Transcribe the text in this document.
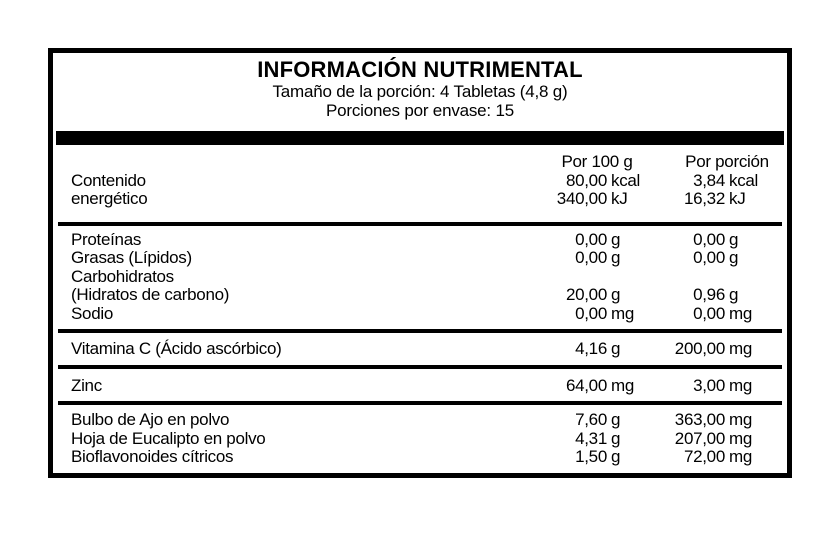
INFORMACIÓN NUTRIMENTAL
Tamaño de la porción: 4 Tabletas (4,8 g)
Porciones por envase: 15
Por 100 g	Por porción
Contenido	80,00 kcal	3,84 kcal
energético	340,00 kJ	16,32 kJ
Proteínas	0,00 g	0,00 g
Grasas (Lípidos)	0,00 g	0,00 g
Carbohidratos
(Hidratos de carbono)	20,00 g	0,96 g
Sodio	0,00 mg	0,00 mg
Vitamina C (Ácido ascórbico)	4,16 g	200,00 mg
Zinc	64,00 mg	3,00 mg
Bulbo de Ajo en polvo	7,60 g	363,00 mg
Hoja de Eucalipto en polvo	4,31 g	207,00 mg
Bioflavonoides cítricos	1,50 g	72,00 mg
